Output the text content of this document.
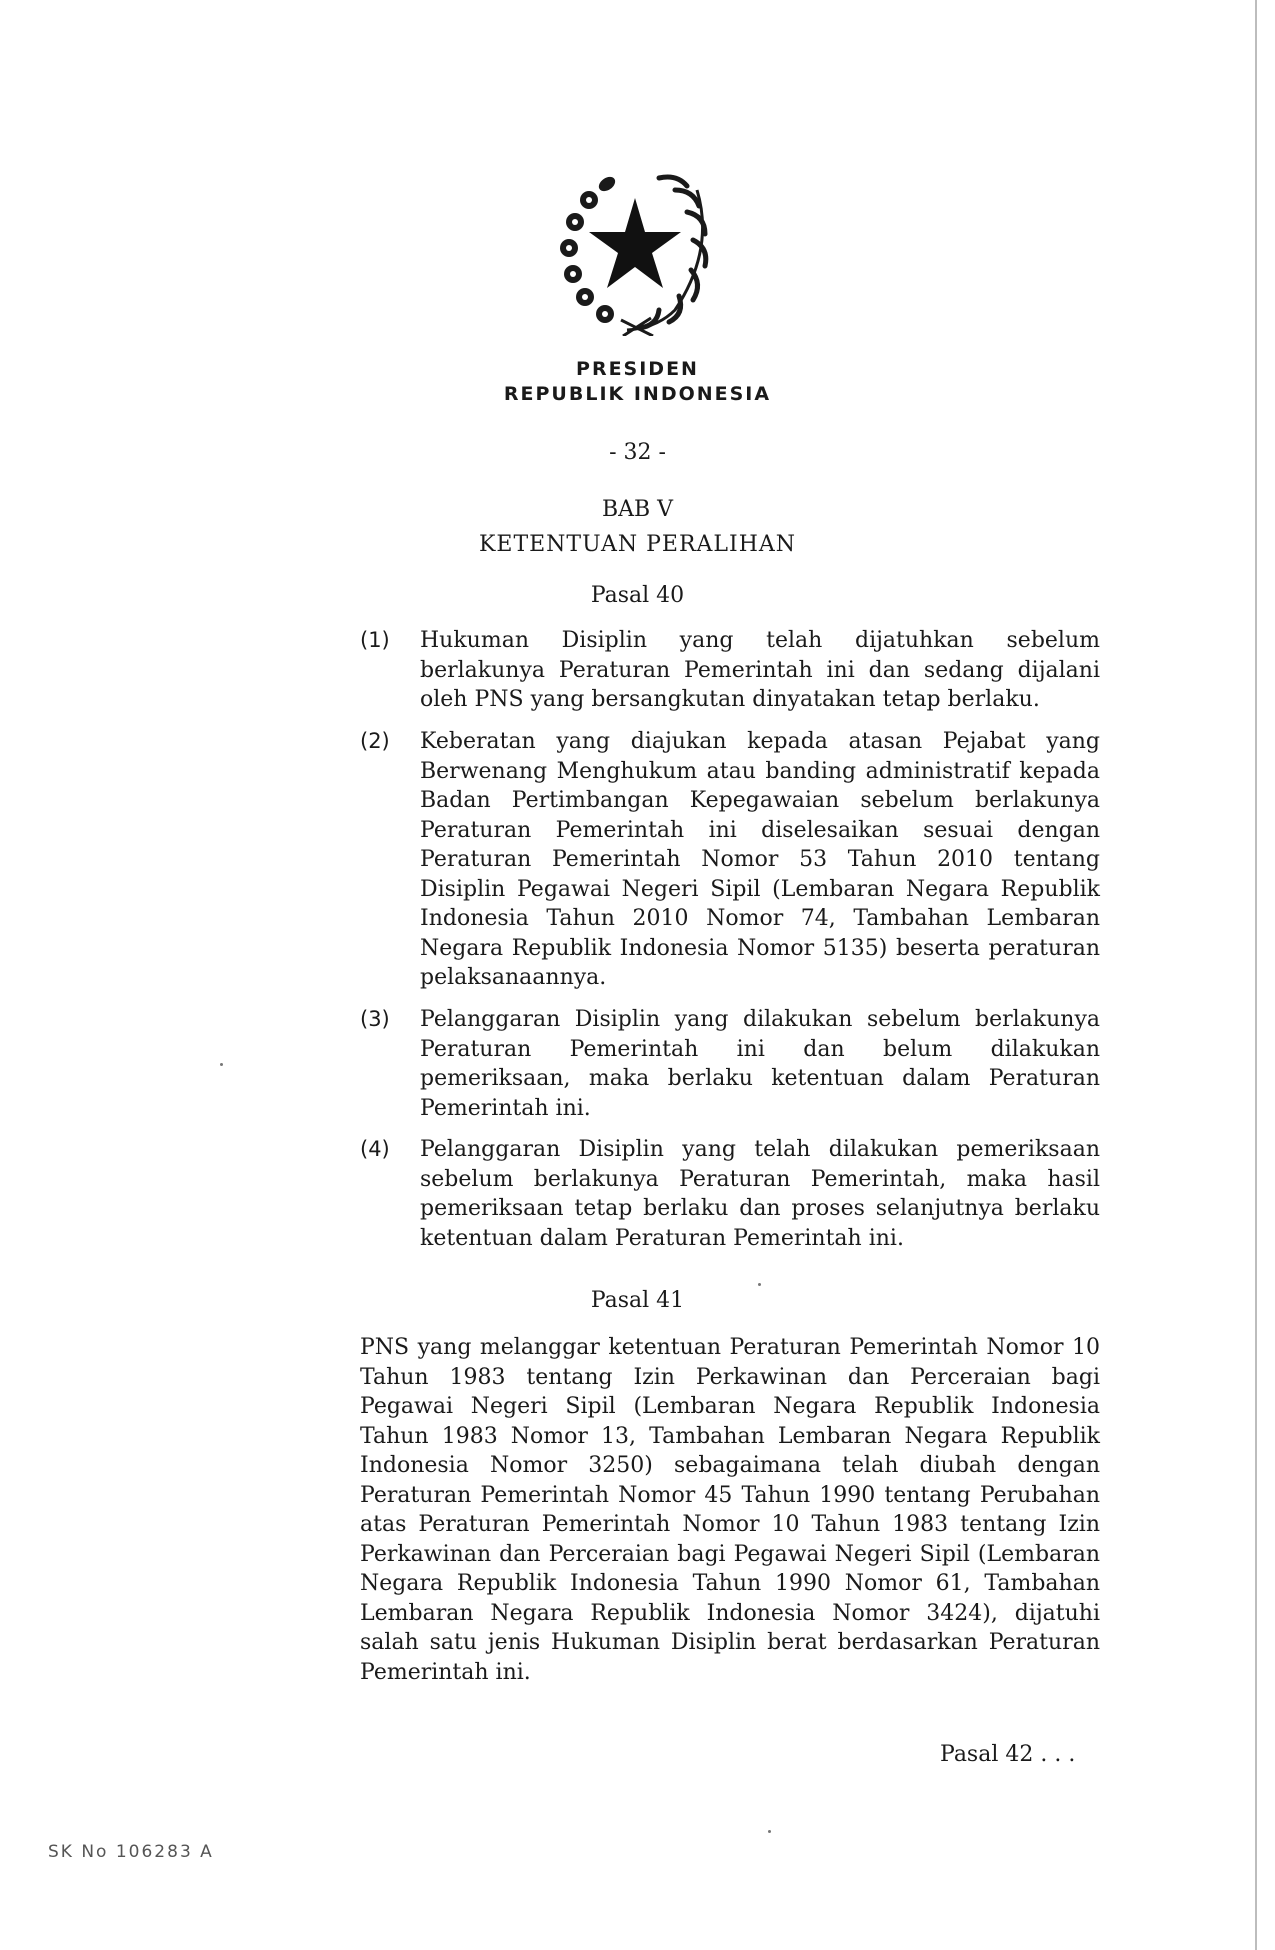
PRESIDEN
REPUBLIK INDONESIA
- 32 -
BAB V
KETENTUAN PERALIHAN
Pasal 40
(1) Hukuman Disiplin yang telah dijatuhkan sebelum berlakunya Peraturan Pemerintah ini dan sedang dijalani oleh PNS yang bersangkutan dinyatakan tetap berlaku.
(2) Keberatan yang diajukan kepada atasan Pejabat yang Berwenang Menghukum atau banding administratif kepada Badan Pertimbangan Kepegawaian sebelum berlakunya Peraturan Pemerintah ini diselesaikan sesuai dengan Peraturan Pemerintah Nomor 53 Tahun 2010 tentang Disiplin Pegawai Negeri Sipil (Lembaran Negara Republik Indonesia Tahun 2010 Nomor 74, Tambahan Lembaran Negara Republik Indonesia Nomor 5135) beserta peraturan pelaksanaannya.
(3) Pelanggaran Disiplin yang dilakukan sebelum berlakunya Peraturan Pemerintah ini dan belum dilakukan pemeriksaan, maka berlaku ketentuan dalam Peraturan Pemerintah ini.
(4) Pelanggaran Disiplin yang telah dilakukan pemeriksaan sebelum berlakunya Peraturan Pemerintah, maka hasil pemeriksaan tetap berlaku dan proses selanjutnya berlaku ketentuan dalam Peraturan Pemerintah ini.
Pasal 41
PNS yang melanggar ketentuan Peraturan Pemerintah Nomor 10 Tahun 1983 tentang Izin Perkawinan dan Perceraian bagi Pegawai Negeri Sipil (Lembaran Negara Republik Indonesia Tahun 1983 Nomor 13, Tambahan Lembaran Negara Republik Indonesia Nomor 3250) sebagaimana telah diubah dengan Peraturan Pemerintah Nomor 45 Tahun 1990 tentang Perubahan atas Peraturan Pemerintah Nomor 10 Tahun 1983 tentang Izin Perkawinan dan Perceraian bagi Pegawai Negeri Sipil (Lembaran Negara Republik Indonesia Tahun 1990 Nomor 61, Tambahan Lembaran Negara Republik Indonesia Nomor 3424), dijatuhi salah satu jenis Hukuman Disiplin berat berdasarkan Peraturan Pemerintah ini.
Pasal 42 . . .
SK No 106283 A
